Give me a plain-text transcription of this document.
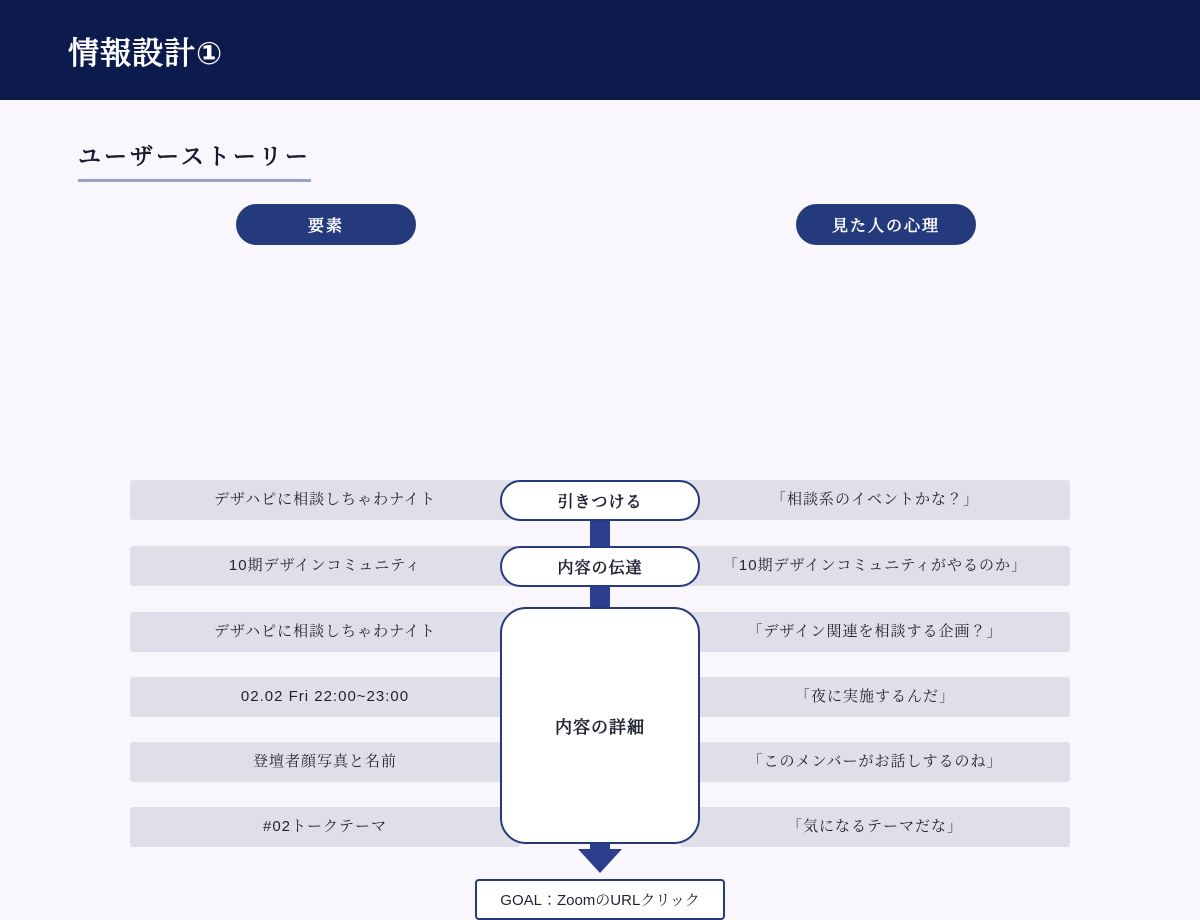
情報設計①
ユーザーストーリー
要素	見た人の心理
デザハピに相談しちゃわナイト
10期デザインコミュニティ
デザハピに相談しちゃわナイト
02.02 Fri 22:00~23:00
登壇者顔写真と名前
#02トークテーマ
「相談系のイベントかな？」
「10期デザインコミュニティがやるのか」
「デザイン関連を相談する企画？」
「夜に実施するんだ」
「このメンバーがお話しするのね」
「気になるテーマだな」
引きつける
内容の伝達
内容の詳細
GOAL：ZoomのURLクリック
